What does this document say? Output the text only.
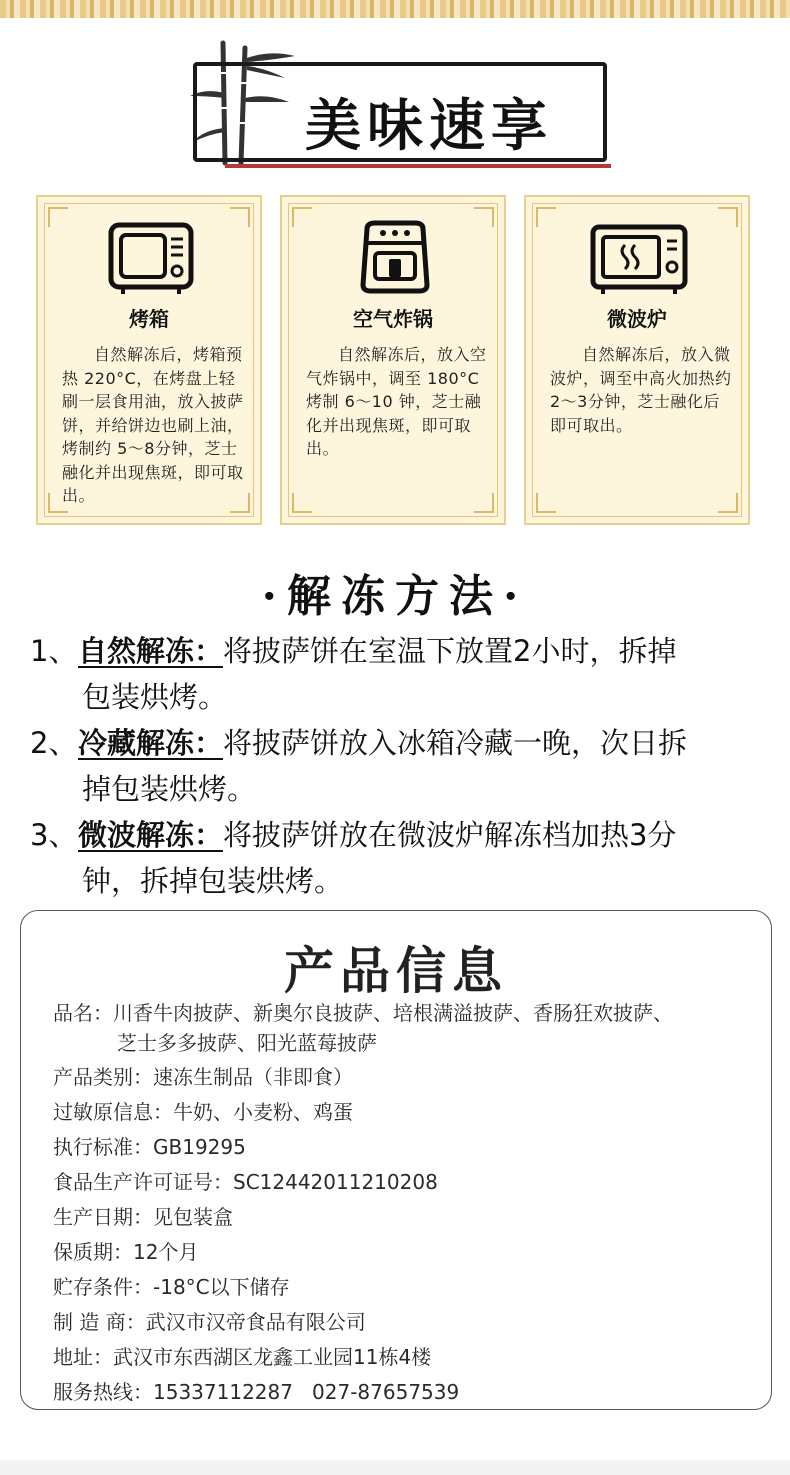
美味速享
烤箱
自然解冻后，烤箱预热 220°C，在烤盘上轻刷一层食用油，放入披萨饼，并给饼边也刷上油，烤制约 5～8分钟，芝士融化并出现焦斑，即可取出。
空气炸锅
自然解冻后，放入空气炸锅中，调至 180°C烤制 6～10 钟，芝士融化并出现焦斑，即可取出。
微波炉
自然解冻后，放入微波炉，调至中高火加热约2～3分钟，芝士融化后即可取出。
·解冻方法·
1、 自然解冻：将披萨饼在室温下放置2小时，拆掉
包装烘烤。
2、 冷藏解冻：将披萨饼放入冰箱冷藏一晚，次日拆
掉包装烘烤。
3、 微波解冻：将披萨饼放在微波炉解冻档加热3分
钟，拆掉包装烘烤。
产品信息
品名：川香牛肉披萨、新奥尔良披萨、培根满溢披萨、香肠狂欢披萨、
芝士多多披萨、阳光蓝莓披萨
产品类别：速冻生制品（非即食）
过敏原信息：牛奶、小麦粉、鸡蛋
执行标准：GB19295
食品生产许可证号：SC12442011210208
生产日期：见包装盒
保质期：12个月
贮存条件：-18°C以下储存
制 造 商：武汉市汉帝食品有限公司
地址：武汉市东西湖区龙鑫工业园11栋4楼
服务热线：15337112287   027-87657539
